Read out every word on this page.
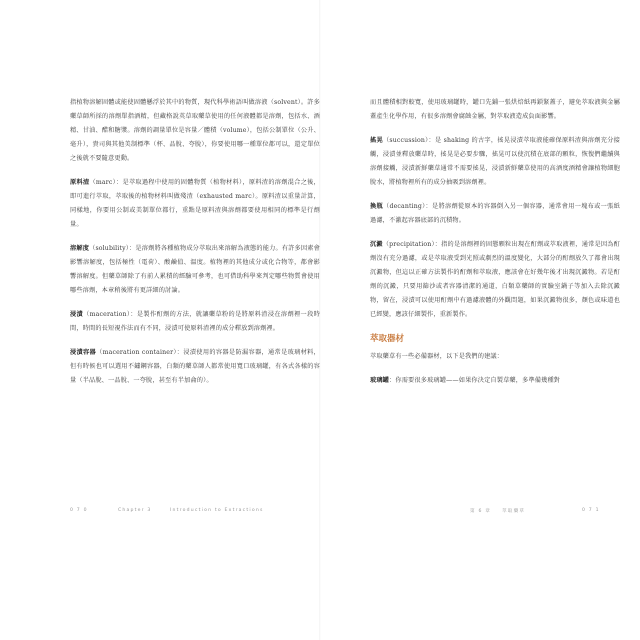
指植物溶解固體或能使固體懸浮於其中的物質，現代科學術語叫做溶液（solvent）。許多藥草師所採的溶劑單指酒精，但藏格說英草取藥草使用的任何液體都是溶劑，包括水、酒精、甘油、醋和糖漿。溶劑的調量單位是容量／體積（volume），包括公制單位（公升、毫升），貴司與其他美制標準（杯、品脫、夸脫），你要使用哪一種單位都可以，還定單位之後就不要隨意更動。

原料渣（marc）：是萃取過程中使用的固體物質（植物材料），原料渣的溶劑混合之後，即可進行萃取，萃取後的植物材料叫做殘渣（exhausted marc）。原料渣以重量計算，同樣地，你要用公制或美制單位都行，重點是原料渣與溶劑都要使用相同的標準是行劑量。

溶解度（solubility）：是溶劑將各種植物成分萃取出來溶解為液態的能力。有許多因素會影響溶解度，包括極性（電荷）、酸鹼值、溫度。植物裡的其他成分或化合物等，都會影響溶解度。但藥草師除了有前人累積的經驗可參考，也可借助科學來判定哪些物質會使用哪些溶劑，本章稍後將有更詳細的討論。

浸漬（maceration）：是製作酊劑的方法，就讓藥草粉的是將原料渣浸在溶劑裡一段時間，時間的長短視作法而有不同，浸漬可使原料渣裡的成分釋放到溶劑裡。

浸漬容器（maceration container）：浸漬使用的容器是防漏容器，通常是玻璃材料，但有時候也可以選用不鏽鋼容器，白類的藥草師人都常使用寬口玻璃罐，有各式各樣的容量（半品脫、一品脫、一夸脫，甚至有半加侖的）。

0 7 0	Chapter 3	Introduction to Extractions

而且體積相對較寬，使用玻璃罐時，罐口先鋪一張烘焙紙再鎖緊蓋子，避免萃取液與金屬蓋產生化學作用，有很多溶劑會腐蝕金屬，對萃取液造成負面影響。

搖晃（succussion）：是 shaking 的古字，搖晃浸漬萃取液能確保原料渣與溶劑充分接觸，浸漬並釋放藥草時，搖晃是必要步驟，搖晃可以使沉積在底部的顆粒，恢復們繼續與溶劑接觸，浸漬新鮮藥草通常不需要搖晃，浸漬新鮮藥草使用的高酒度酒精會讓植物細胞脫水，將植物裡所有的成分抽吸到溶劑裡。

換瓶（decanting）：是將溶劑從原本的容器倒入另一個容器，通常會用一塊布或一張紙過濾，不激起容器底部的沉積物。

沉澱（precipitation）：指的是溶劑裡的固態顆粒出現在酊劑或萃取液裡，通常是因為酊劑沒有充分過濾，或是萃取液受到光照或劇烈的溫度變化，大部分的酊劑放久了都會出現沉澱物，但這以正確方法製作的酊劑和萃取液，應該會在好幾年後才出現沉澱物。若是酊劑的沉澱，只要用篩沙或者容器清潔的通道，白類草藥師的實驗室鍋子等加入去除沉澱物，留在，浸漬可以使用酊劑中有過濾液體的外觀問題，如果沉澱物很多，顏色或味道也已經變，應該仔細製作，重新製作。

萃取器材

萃取藥草有一些必備器材，以下是我們的建議：

玻璃罐：你需要很多玻璃罐——如果你決定自製草藥，多準備幾種對

第 6 章 萃取藥草	0 7 1
